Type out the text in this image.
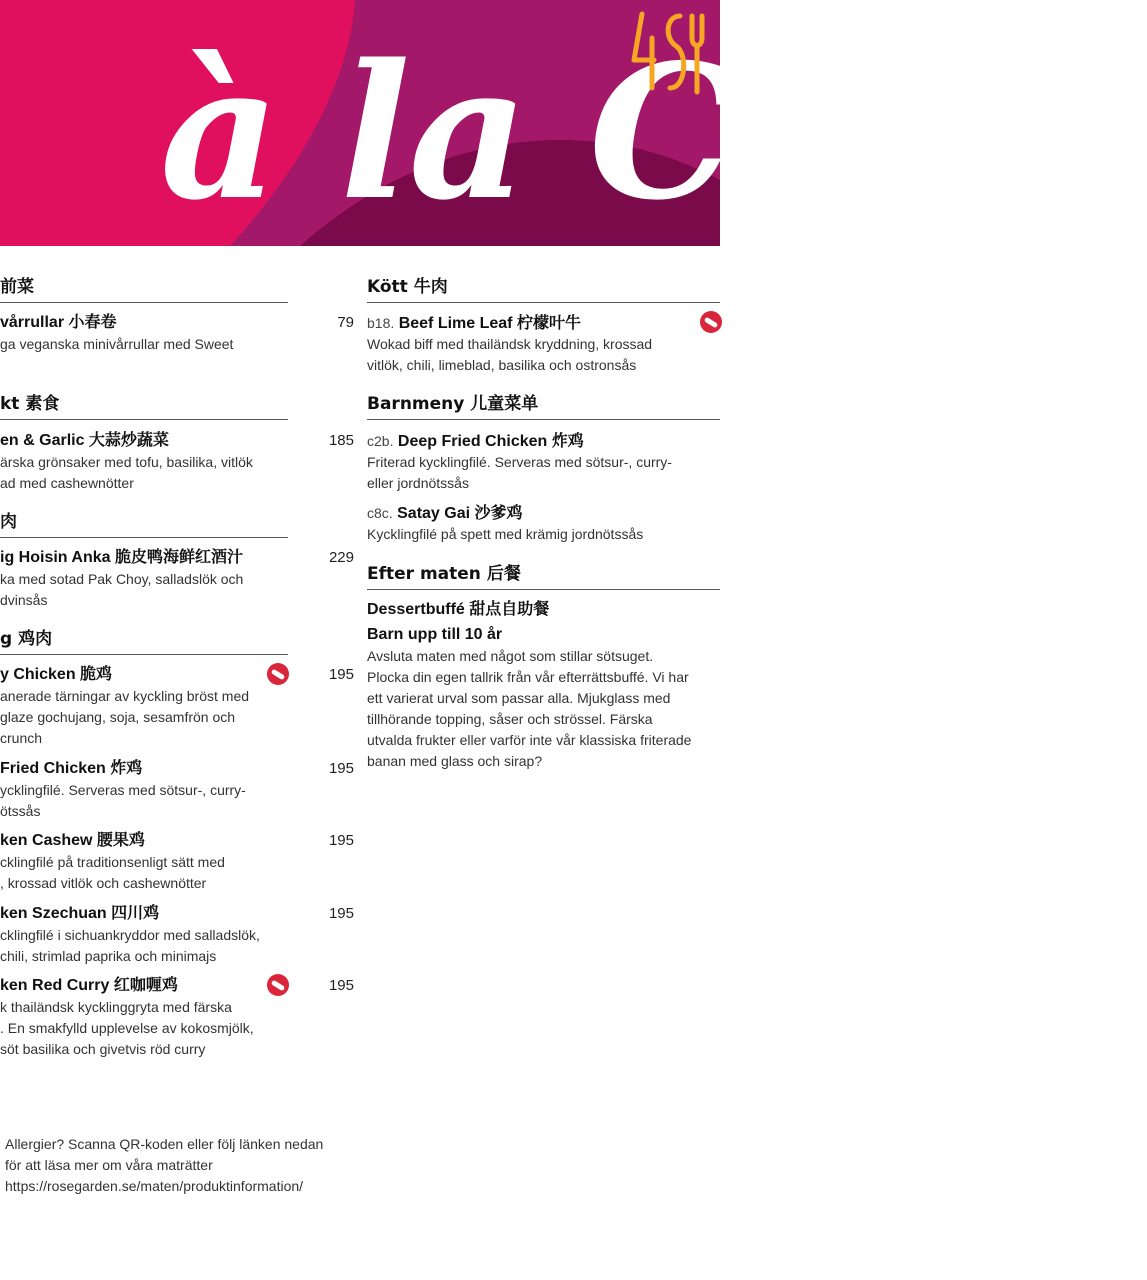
à la Carte
前菜
vårrullar 小春卷
ga veganska minivårrullar med Sweet
79
kt 素食
en & Garlic 大蒜炒蔬菜
ärska grönsaker med tofu, basilika, vitlök
ad med cashewnötter
185
肉
ig Hoisin Anka 脆皮鸭海鲜红酒汁
ka med sotad Pak Choy, salladslök och
dvinsås
229
g 鸡肉
y Chicken 脆鸡
anerade tärningar av kyckling bröst med
glaze gochujang, soja, sesamfrön och
crunch
195
Fried Chicken 炸鸡
ycklingfilé. Serveras med sötsur-, curry-
ötssås
195
ken Cashew 腰果鸡
cklingfilé på traditionsenligt sätt med
, krossad vitlök och cashewnötter
195
ken Szechuan 四川鸡
cklingfilé i sichuankryddor med salladslök,
chili, strimlad paprika och minimajs
195
ken Red Curry 红咖喱鸡
k thailändsk kycklinggryta med färska
. En smakfylld upplevelse av kokosmjölk,
söt basilika och givetvis röd curry
195
Kött 牛肉
b18. Beef Lime Leaf 柠檬叶牛
Wokad biff med thailändsk kryddning, krossad
vitlök, chili, limeblad, basilika och ostronsås
Barnmeny 儿童菜单
c2b. Deep Fried Chicken 炸鸡
Friterad kycklingfilé. Serveras med sötsur-, curry-
eller jordnötssås
c8c. Satay Gai 沙爹鸡
Kycklingfilé på spett med krämig jordnötssås
Efter maten 后餐
Dessertbuffé 甜点自助餐
Barn upp till 10 år
Avsluta maten med något som stillar sötsuget.
Plocka din egen tallrik från vår efterrättsbuffé. Vi har
ett varierat urval som passar alla. Mjukglass med
tillhörande topping, såser och strössel. Färska
utvalda frukter eller varför inte vår klassiska friterade
banan med glass och sirap?
Allergier? Scanna QR-koden eller följ länken nedan
för att läsa mer om våra maträtter
https://rosegarden.se/maten/produktinformation/
